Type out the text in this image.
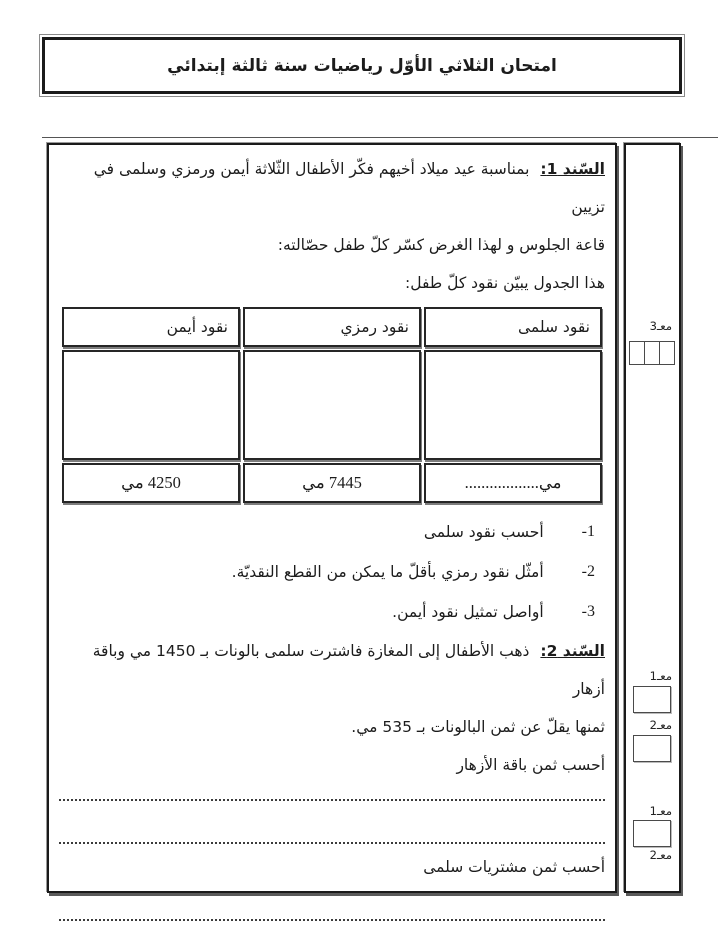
امتحان الثلاثي الأوّل رياضيات سنة ثالثة إبتدائي

السّند 1: بمناسبة عيد ميلاد أخيهم فكّر الأطفال الثّلاثة أيمن ورمزي وسلمى في تزيين

قاعة الجلوس و لهذا الغرض كسّر كلّ طفل حصّالته:

هذا الجدول يبيّن نقود كلّ طفل:

نقود سلمى	نقود رمزي	نقود أيمن

مي..................	7445 مي	4250 مي
-1
أحسب نقود سلمى
-2
أمثّل نقود رمزي بأقلّ ما يمكن من القطع النقديّة.
-3
أواصل تمثيل نقود أيمن.

السّند 2: ذهب الأطفال إلى المغازة فاشترت سلمى بالونات بـ 1450 مي وباقة أزهار

ثمنها يقلّ عن ثمن البالونات بـ 535 مي.

أحسب ثمن باقة الأزهار

أحسب ثمن مشتريات سلمى

معـ3
معـ1
معـ2
معـ1
معـ2
